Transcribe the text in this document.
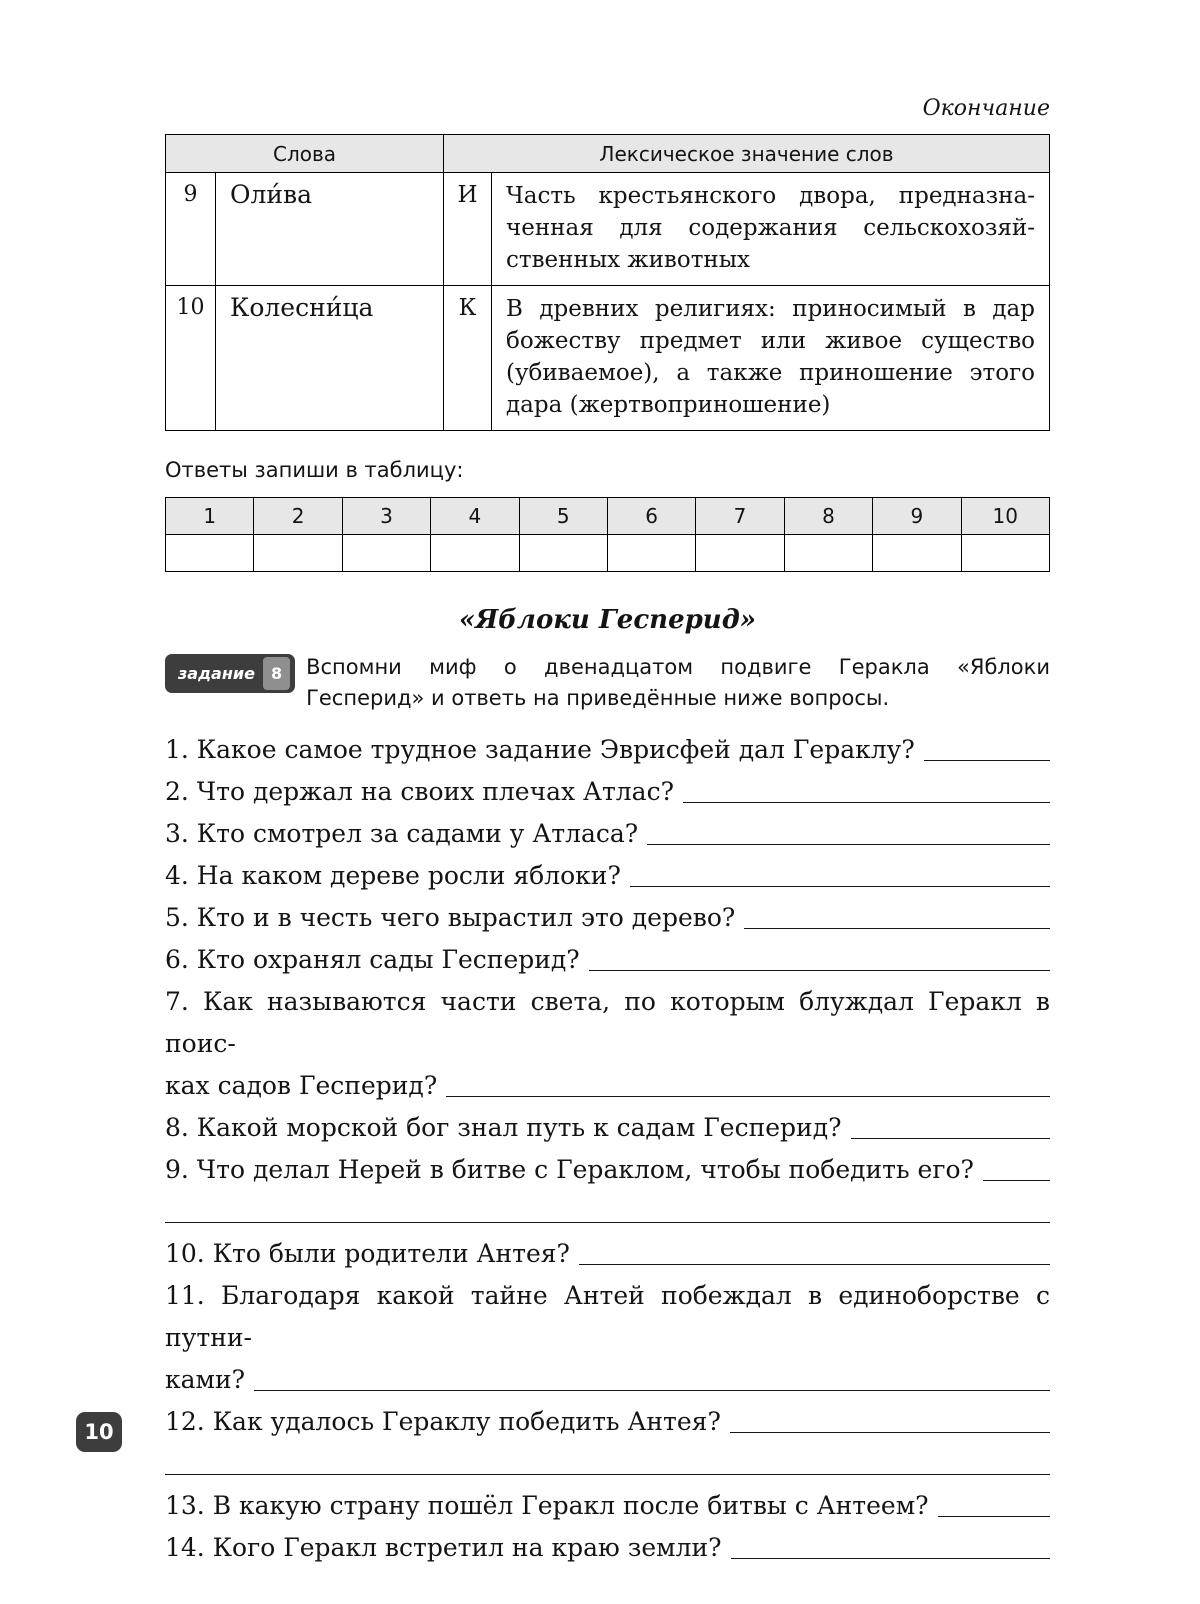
Окончание
Слова		Лексическое значение слов	
9	Оли́ва	И	Часть крестьянского двора, предназначенная для содержания сельскохозяйственных животных
10	Колесни́ца	К	В древних религиях: приносимый в дар божеству предмет или живое существо (убиваемое), а также приношение этого дара (жертвоприношение)
Ответы запиши в таблицу:
1	2	3	4	5	6	7	8	9	10

«Яблоки Гесперид»

задание	8	Вспомни миф о двенадцатом подвиге Геракла «Яблоки Гесперид» и ответь на приведённые ниже вопросы.

1. Какое самое трудное задание Эврисфей дал Гераклу?
2. Что держал на своих плечах Атлас?
3. Кто смотрел за садами у Атласа?
4. На каком дереве росли яблоки?
5. Кто и в честь чего вырастил это дерево?
6. Кто охранял сады Гесперид?
7. Как называются части света, по которым блуждал Геракл в поис-
ках садов Гесперид?
8. Какой морской бог знал путь к садам Гесперид?
9. Что делал Нерей в битве с Гераклом, чтобы победить его?
10. Кто были родители Антея?
11. Благодаря какой тайне Антей побеждал в единоборстве с путни-
ками?
12. Как удалось Гераклу победить Антея?
13. В какую страну пошёл Геракл после битвы с Антеем?
14. Кого Геракл встретил на краю земли?
10
